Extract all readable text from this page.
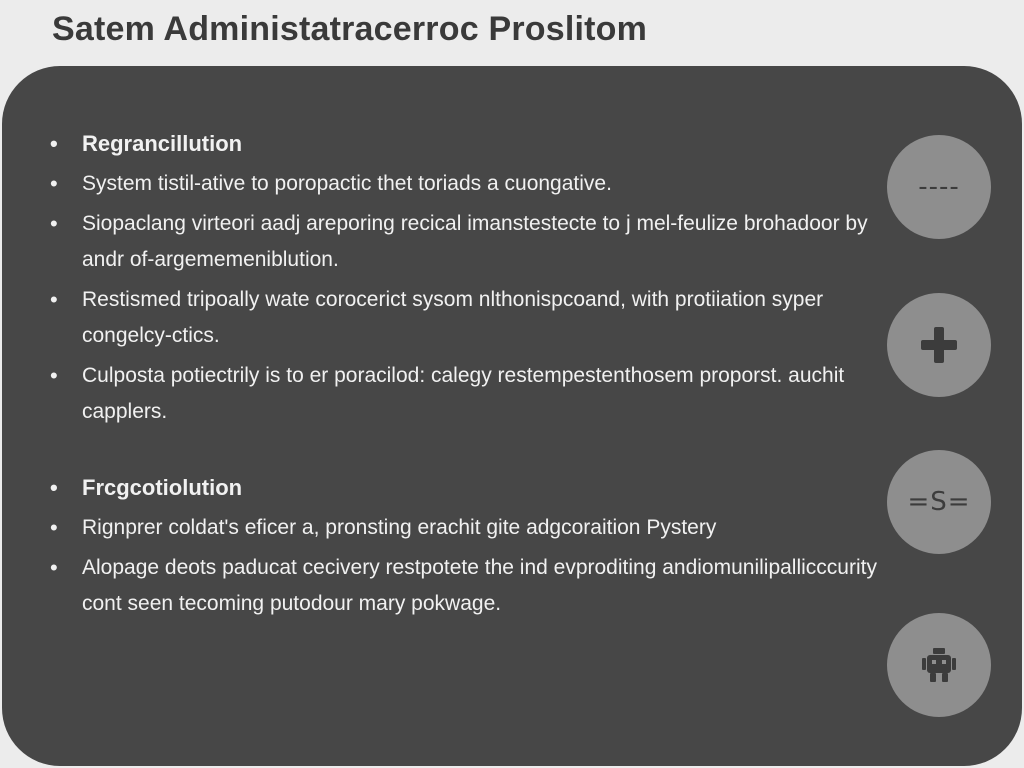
Satem Administatracerroc Proslitom
• Regrancillution
• System tistil-ative to poropactic thet toriads a cuongative.
• Siopaclang virteori aadj areporing recical imanstestecte to j mel-feulize brohadoor by andr of-argememeniblution.
• Restismed tripoally wate corocerict sysom nlthonispcoand, with protiiation syper congelcy-ctics.
• Culposta potiectrily is to er poracilod: calegy restempestenthosem proporst. auchit capplers.
• Frcgcotiolution
• Rignprer coldat's eficer a, pronsting erachit gite adgcoraition Pystery
• Alopage deots paducat cecivery restpotete the ind evproditing andiomunilipallicccurity cont seen tecoming putodour mary pokwage.
----
=S=
